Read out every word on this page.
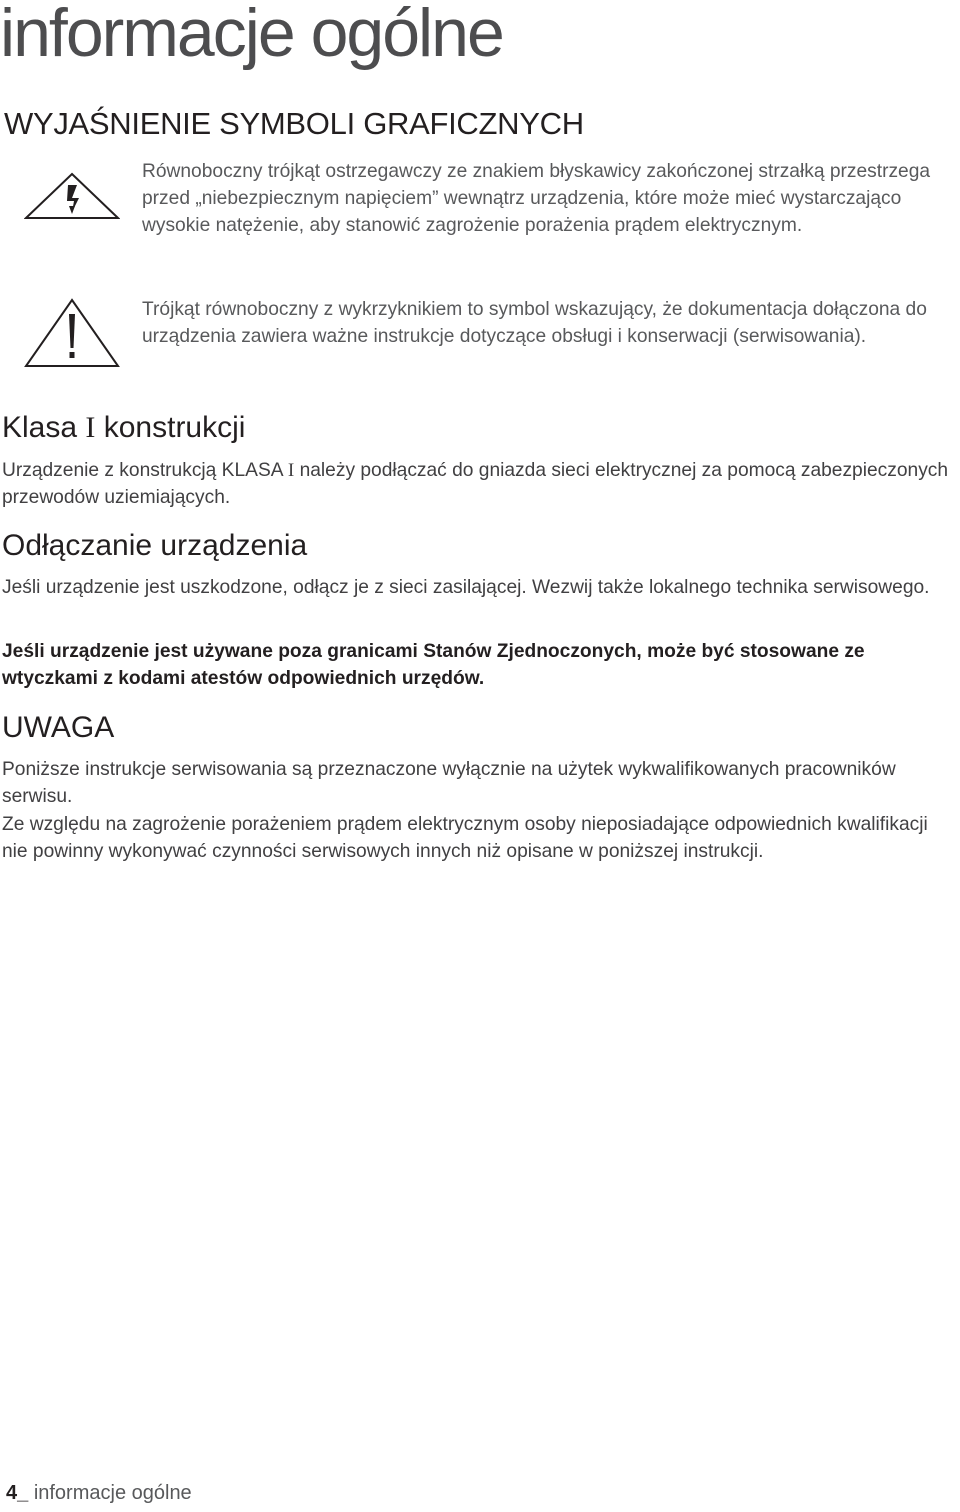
informacje ogólne
WYJAŚNIENIE SYMBOLI GRAFICZNYCH

Równoboczny trójkąt ostrzegawczy ze znakiem błyskawicy zakończonej strzałką przestrzega przed „niebezpiecznym napięciem” wewnątrz urządzenia, które może mieć wystarczająco wysokie natężenie, aby stanowić zagrożenie porażenia prądem elektrycznym.

Trójkąt równoboczny z wykrzyknikiem to symbol wskazujący, że dokumentacja dołączona do urządzenia zawiera ważne instrukcje dotyczące obsługi i konserwacji (serwisowania).

Klasa I konstrukcji

Urządzenie z konstrukcją KLASA I należy podłączać do gniazda sieci elektrycznej za pomocą zabezpieczonych przewodów uziemiających.

Odłączanie urządzenia

Jeśli urządzenie jest uszkodzone, odłącz je z sieci zasilającej. Wezwij także lokalnego technika serwisowego.

Jeśli urządzenie jest używane poza granicami Stanów Zjednoczonych, może być stosowane ze wtyczkami z kodami atestów odpowiednich urzędów.

UWAGA

Poniższe instrukcje serwisowania są przeznaczone wyłącznie na użytek wykwalifikowanych pracowników serwisu.

Ze względu na zagrożenie porażeniem prądem elektrycznym osoby nieposiadające odpowiednich kwalifikacji nie powinny wykonywać czynności serwisowych innych niż opisane w poniższej instrukcji.

4_ informacje ogólne
